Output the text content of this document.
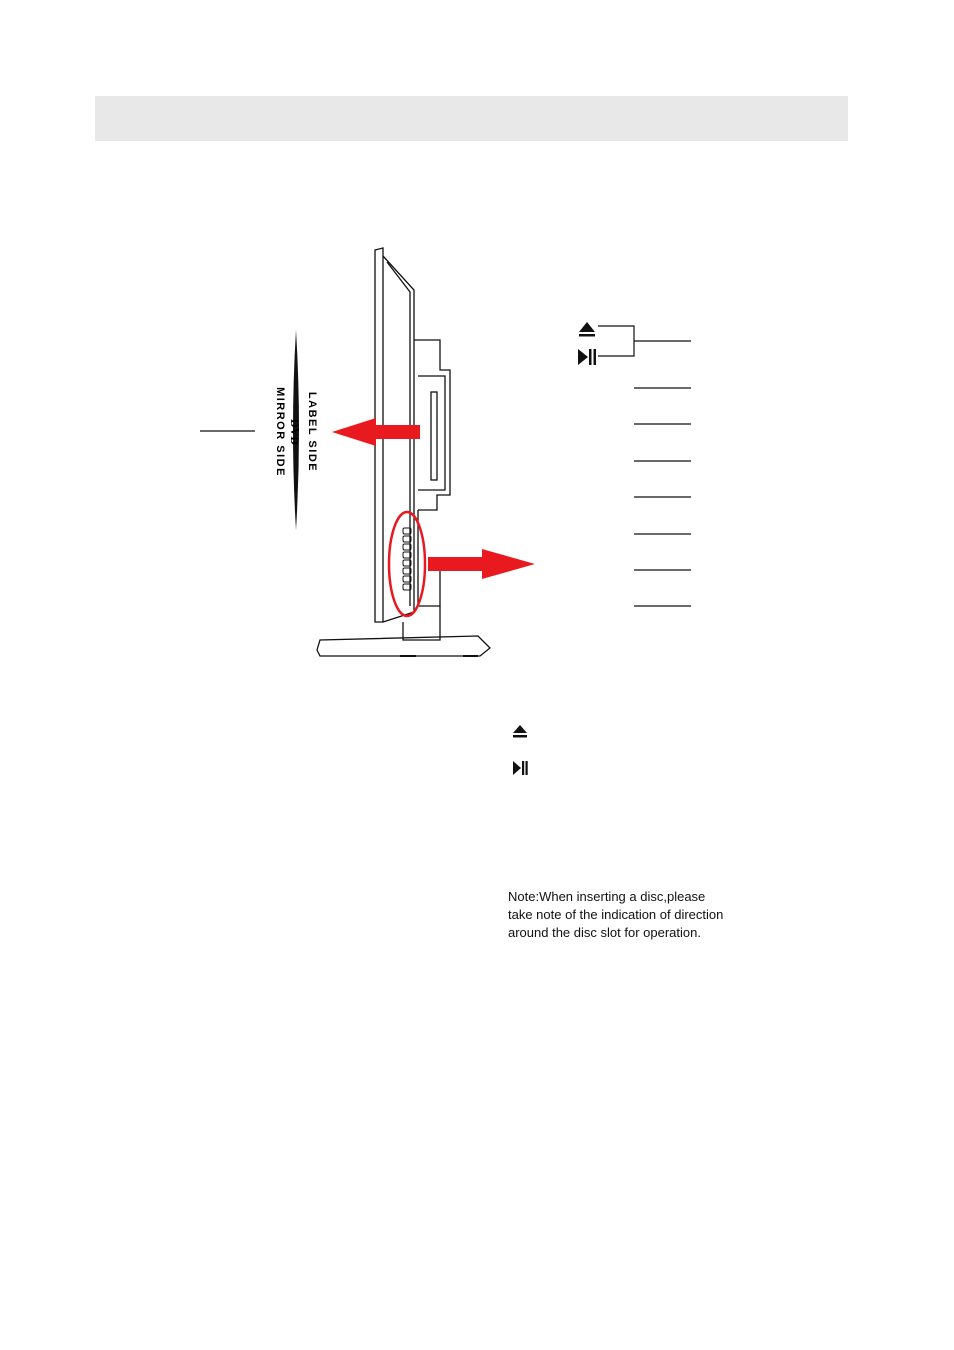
LABEL SIDE
DVD
MIRROR SIDE
Note:When inserting a disc,please
take note of the indication of direction
around the disc slot for operation.
